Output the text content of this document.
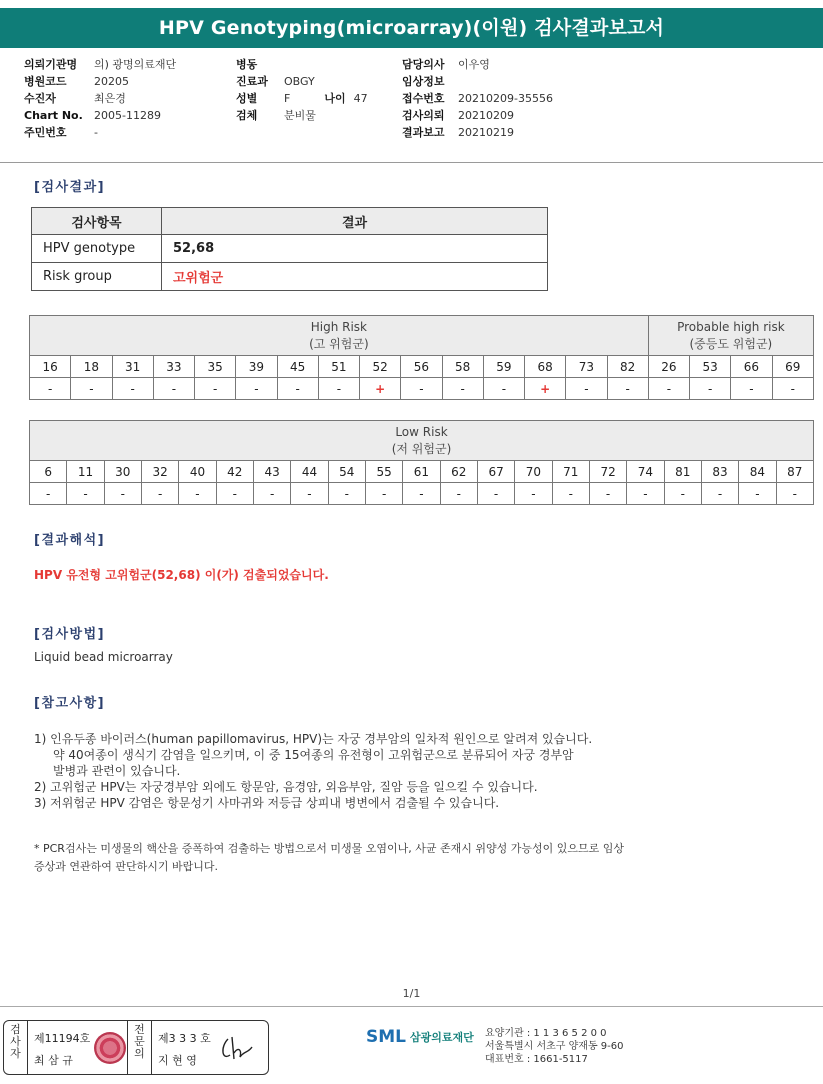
HPV Genotyping(microarray)(이원) 검사결과보고서
의뢰기관명 의) 광명의료재단
병원코드 20205
수진자	최은경
Chart No. 2005-11289
주민번호 -
병동
진료과 OBGY
성별 F	나이 47
검체 분비물
담당의사 이우영
임상정보
접수번호 20210209-35556
검사의뢰 20210209
결과보고 20210219
[검사결과]
검사항목	결과
HPV genotype	52,68
Risk group	고위험군
High Risk
(고 위험군)															Probable high risk
(중등도 위험군)			
16	18	31	33	35	39	45	51	52	56	58	59	68	73	82	26	53	66	69
-	-	-	-	-	-	-	-	+	-	-	-	+	-	-	-	-	-	-
Low Risk
(저 위험군)																				
6	11	30	32	40	42	43	44	54	55	61	62	67	70	71	72	74	81	83	84	87
-	-	-	-	-	-	-	-	-	-	-	-	-	-	-	-	-	-	-	-	-
[결과해석]
HPV 유전형 고위험군(52,68) 이(가) 검출되었습니다.
[검사방법]
Liquid bead microarray
[참고사항]

1) 인유두종 바이러스(human papillomavirus, HPV)는 자궁 경부암의 일차적 원인으로 알려져 있습니다.

약 40여종이 생식기 감염을 일으키며, 이 중 15여종의 유전형이 고위험군으로 분류되어 자궁 경부암

발병과 관련이 있습니다.

2) 고위험군 HPV는 자궁경부암 외에도 항문암, 음경암, 외음부암, 질암 등을 일으킬 수 있습니다.

3) 저위험군 HPV 감염은 항문성기 사마귀와 저등급 상피내 병변에서 검출될 수 있습니다.

* PCR검사는 미생물의 핵산을 증폭하여 검출하는 방법으로서 미생물 오염이나, 사균 존재시 위양성 가능성이 있으므로 임상
증상과 연관하여 판단하시기 바랍니다.
1/1
검
사
자
제11194호
최 삼 규
전
문
의
제3 3 3 호
지 현 영
SML 삼광의료재단 요양기관 : 1 1 3 6 5 2 0 0
서울특별시 서초구 양재동 9-60
대표번호 : 1661-5117
